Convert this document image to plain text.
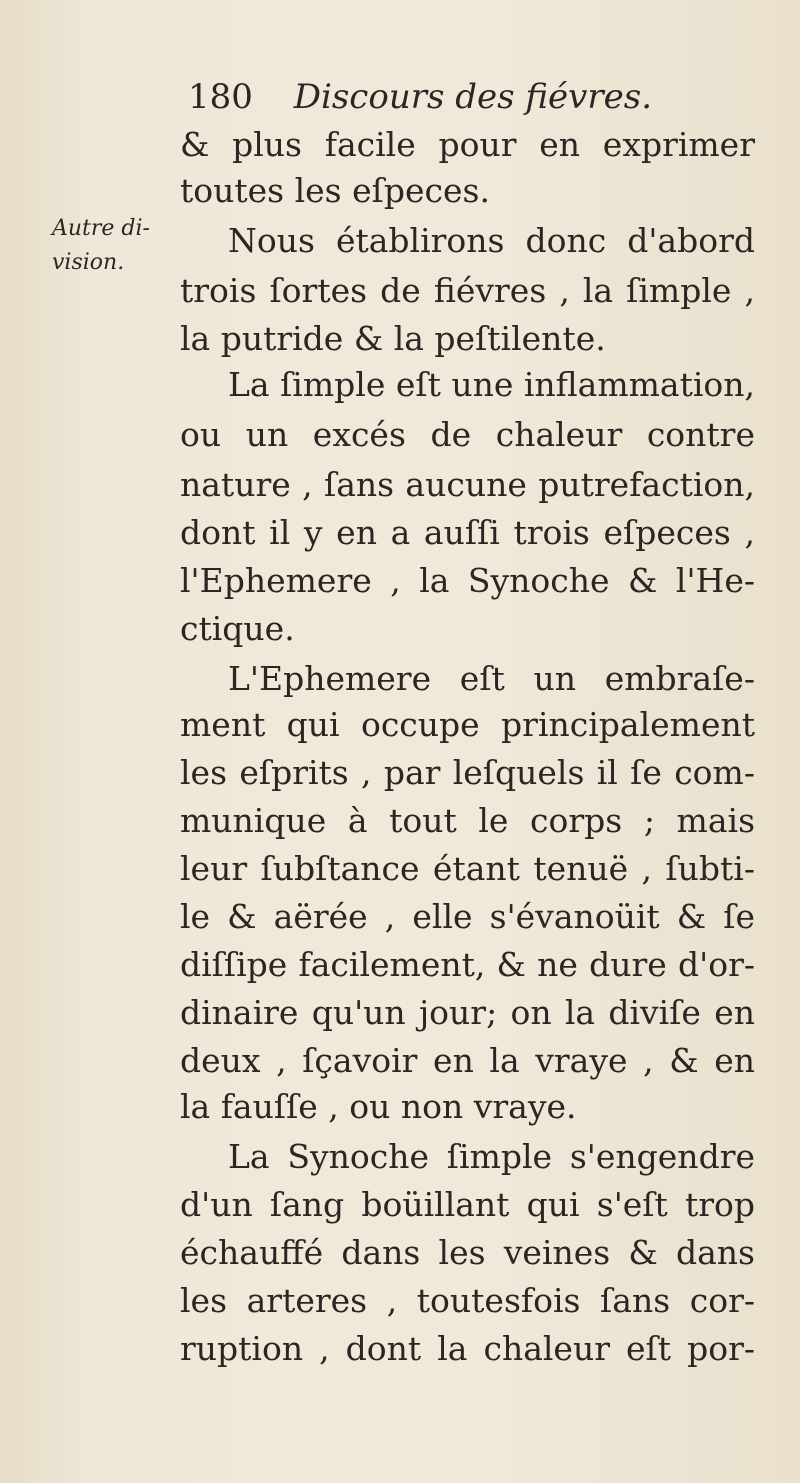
180 Discours des fiévres.
Autre di-
vision.
& plus facile pour en exprimer
toutes les eſpeces.
Nous établirons donc d'abord
trois ſortes de fiévres , la ſimple ,
la putride & la peſtilente.
La ſimple eſt une inflammation,
ou un excés de chaleur contre
nature , ſans aucune putrefaction,
dont il y en a auſſi trois eſpeces ,
l'Ephemere , la Synoche & l'He-
ctique.
L'Ephemere eſt un embraſe-
ment qui occupe principalement
les eſprits , par leſquels il ſe com-
munique à tout le corps ; mais
leur ſubſtance étant tenuë , ſubti-
le & aërée , elle s'évanoüit & ſe
diſſipe facilement, & ne dure d'or-
dinaire qu'un jour; on la diviſe en
deux , ſçavoir en la vraye , & en
la fauſſe , ou non vraye.
La Synoche ſimple s'engendre
d'un ſang boüillant qui s'eſt trop
échauffé dans les veines & dans
les arteres , toutesfois ſans cor-
ruption , dont la chaleur eſt por-
